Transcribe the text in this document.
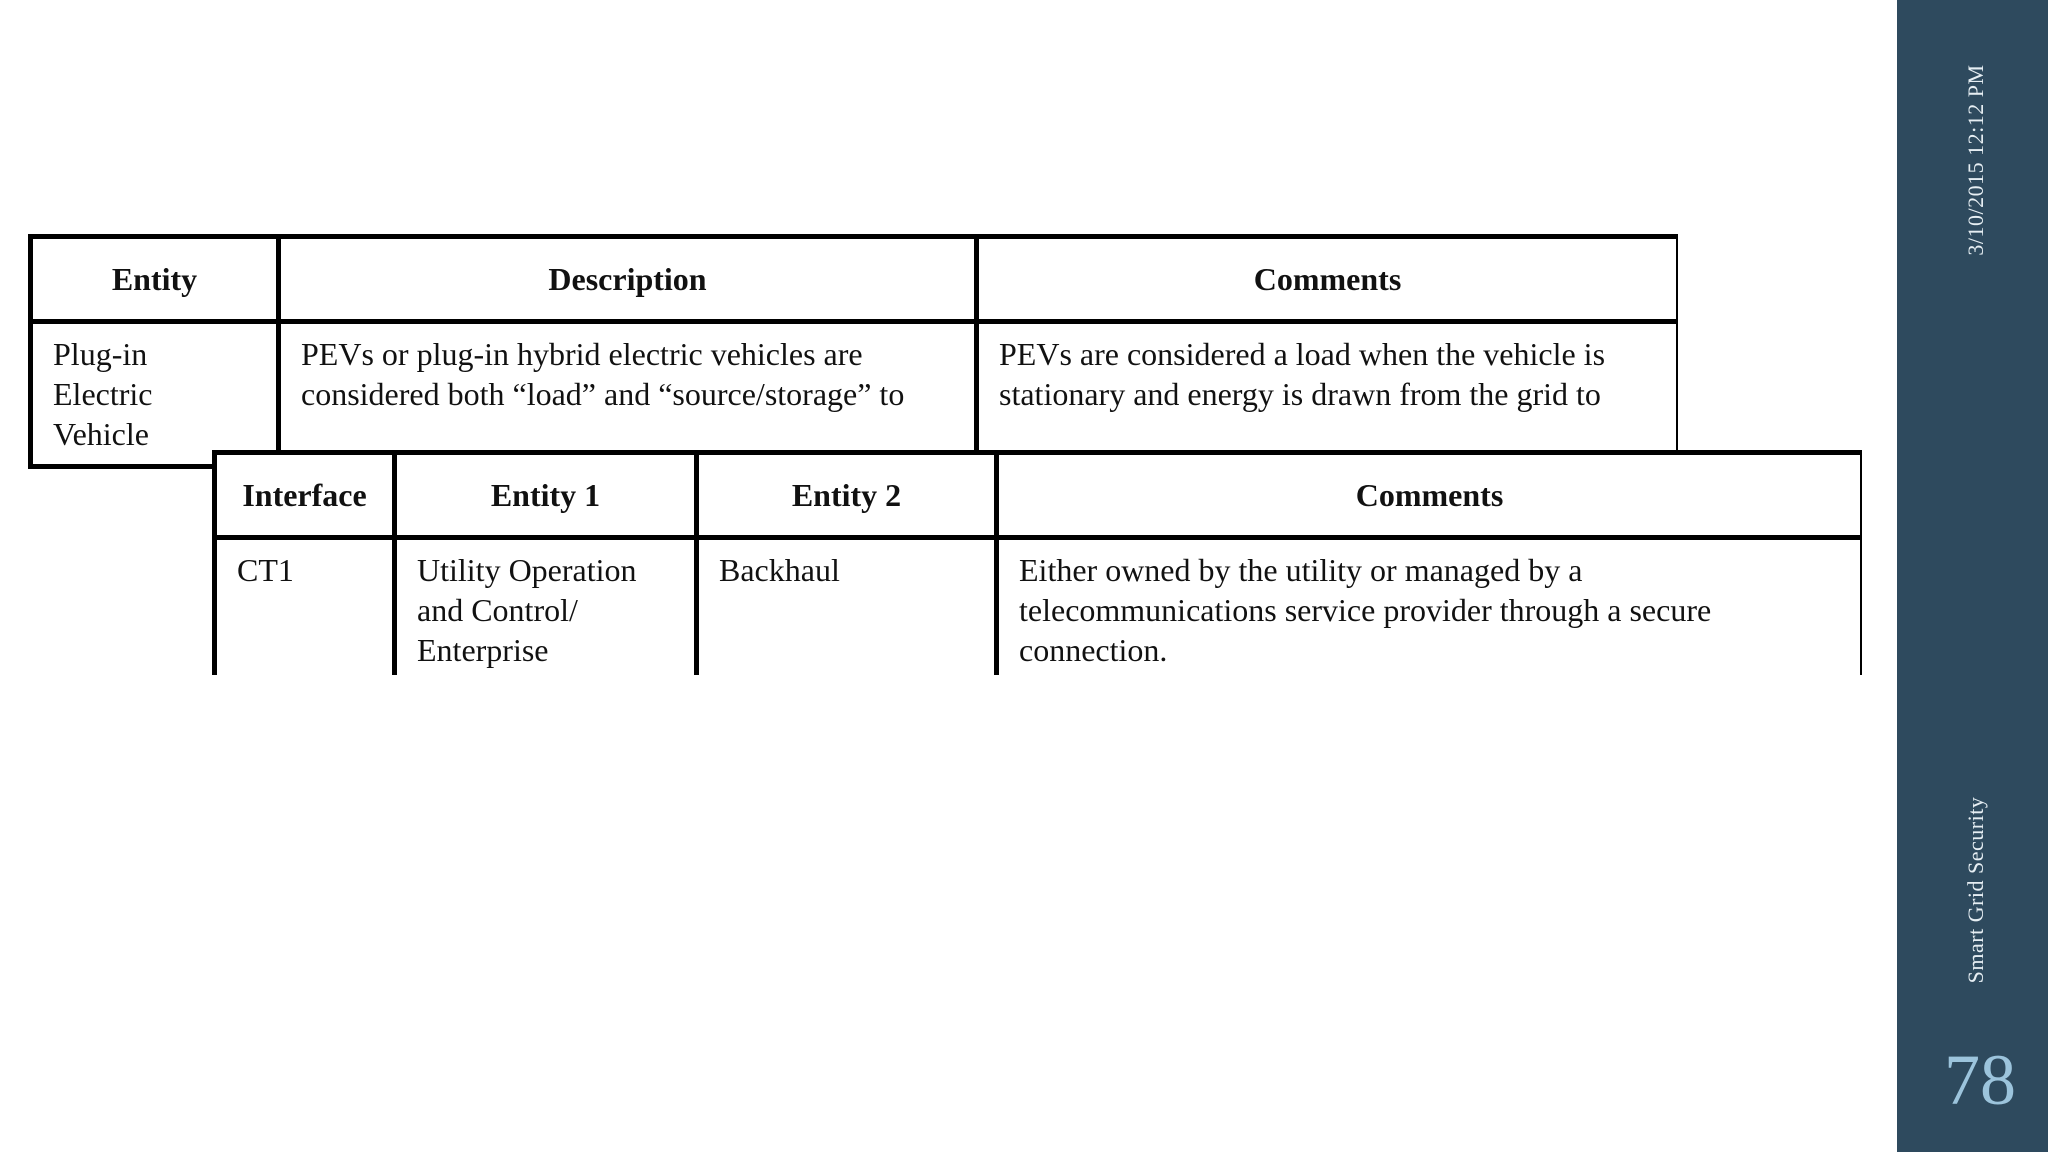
Entity	Description	Comments
Plug-in Electric Vehicle	PEVs or plug-in hybrid electric vehicles are considered both “load” and “source/storage” to	PEVs are considered a load when the vehicle is stationary and energy is drawn from the grid to
Interface	Entity 1	Entity 2	Comments
CT1	Utility Operation and Control/ Enterprise	Backhaul	Either owned by the utility or managed by a telecommunications service provider through a secure connection.
3/10/2015 12:12 PM
Smart Grid Security
78
